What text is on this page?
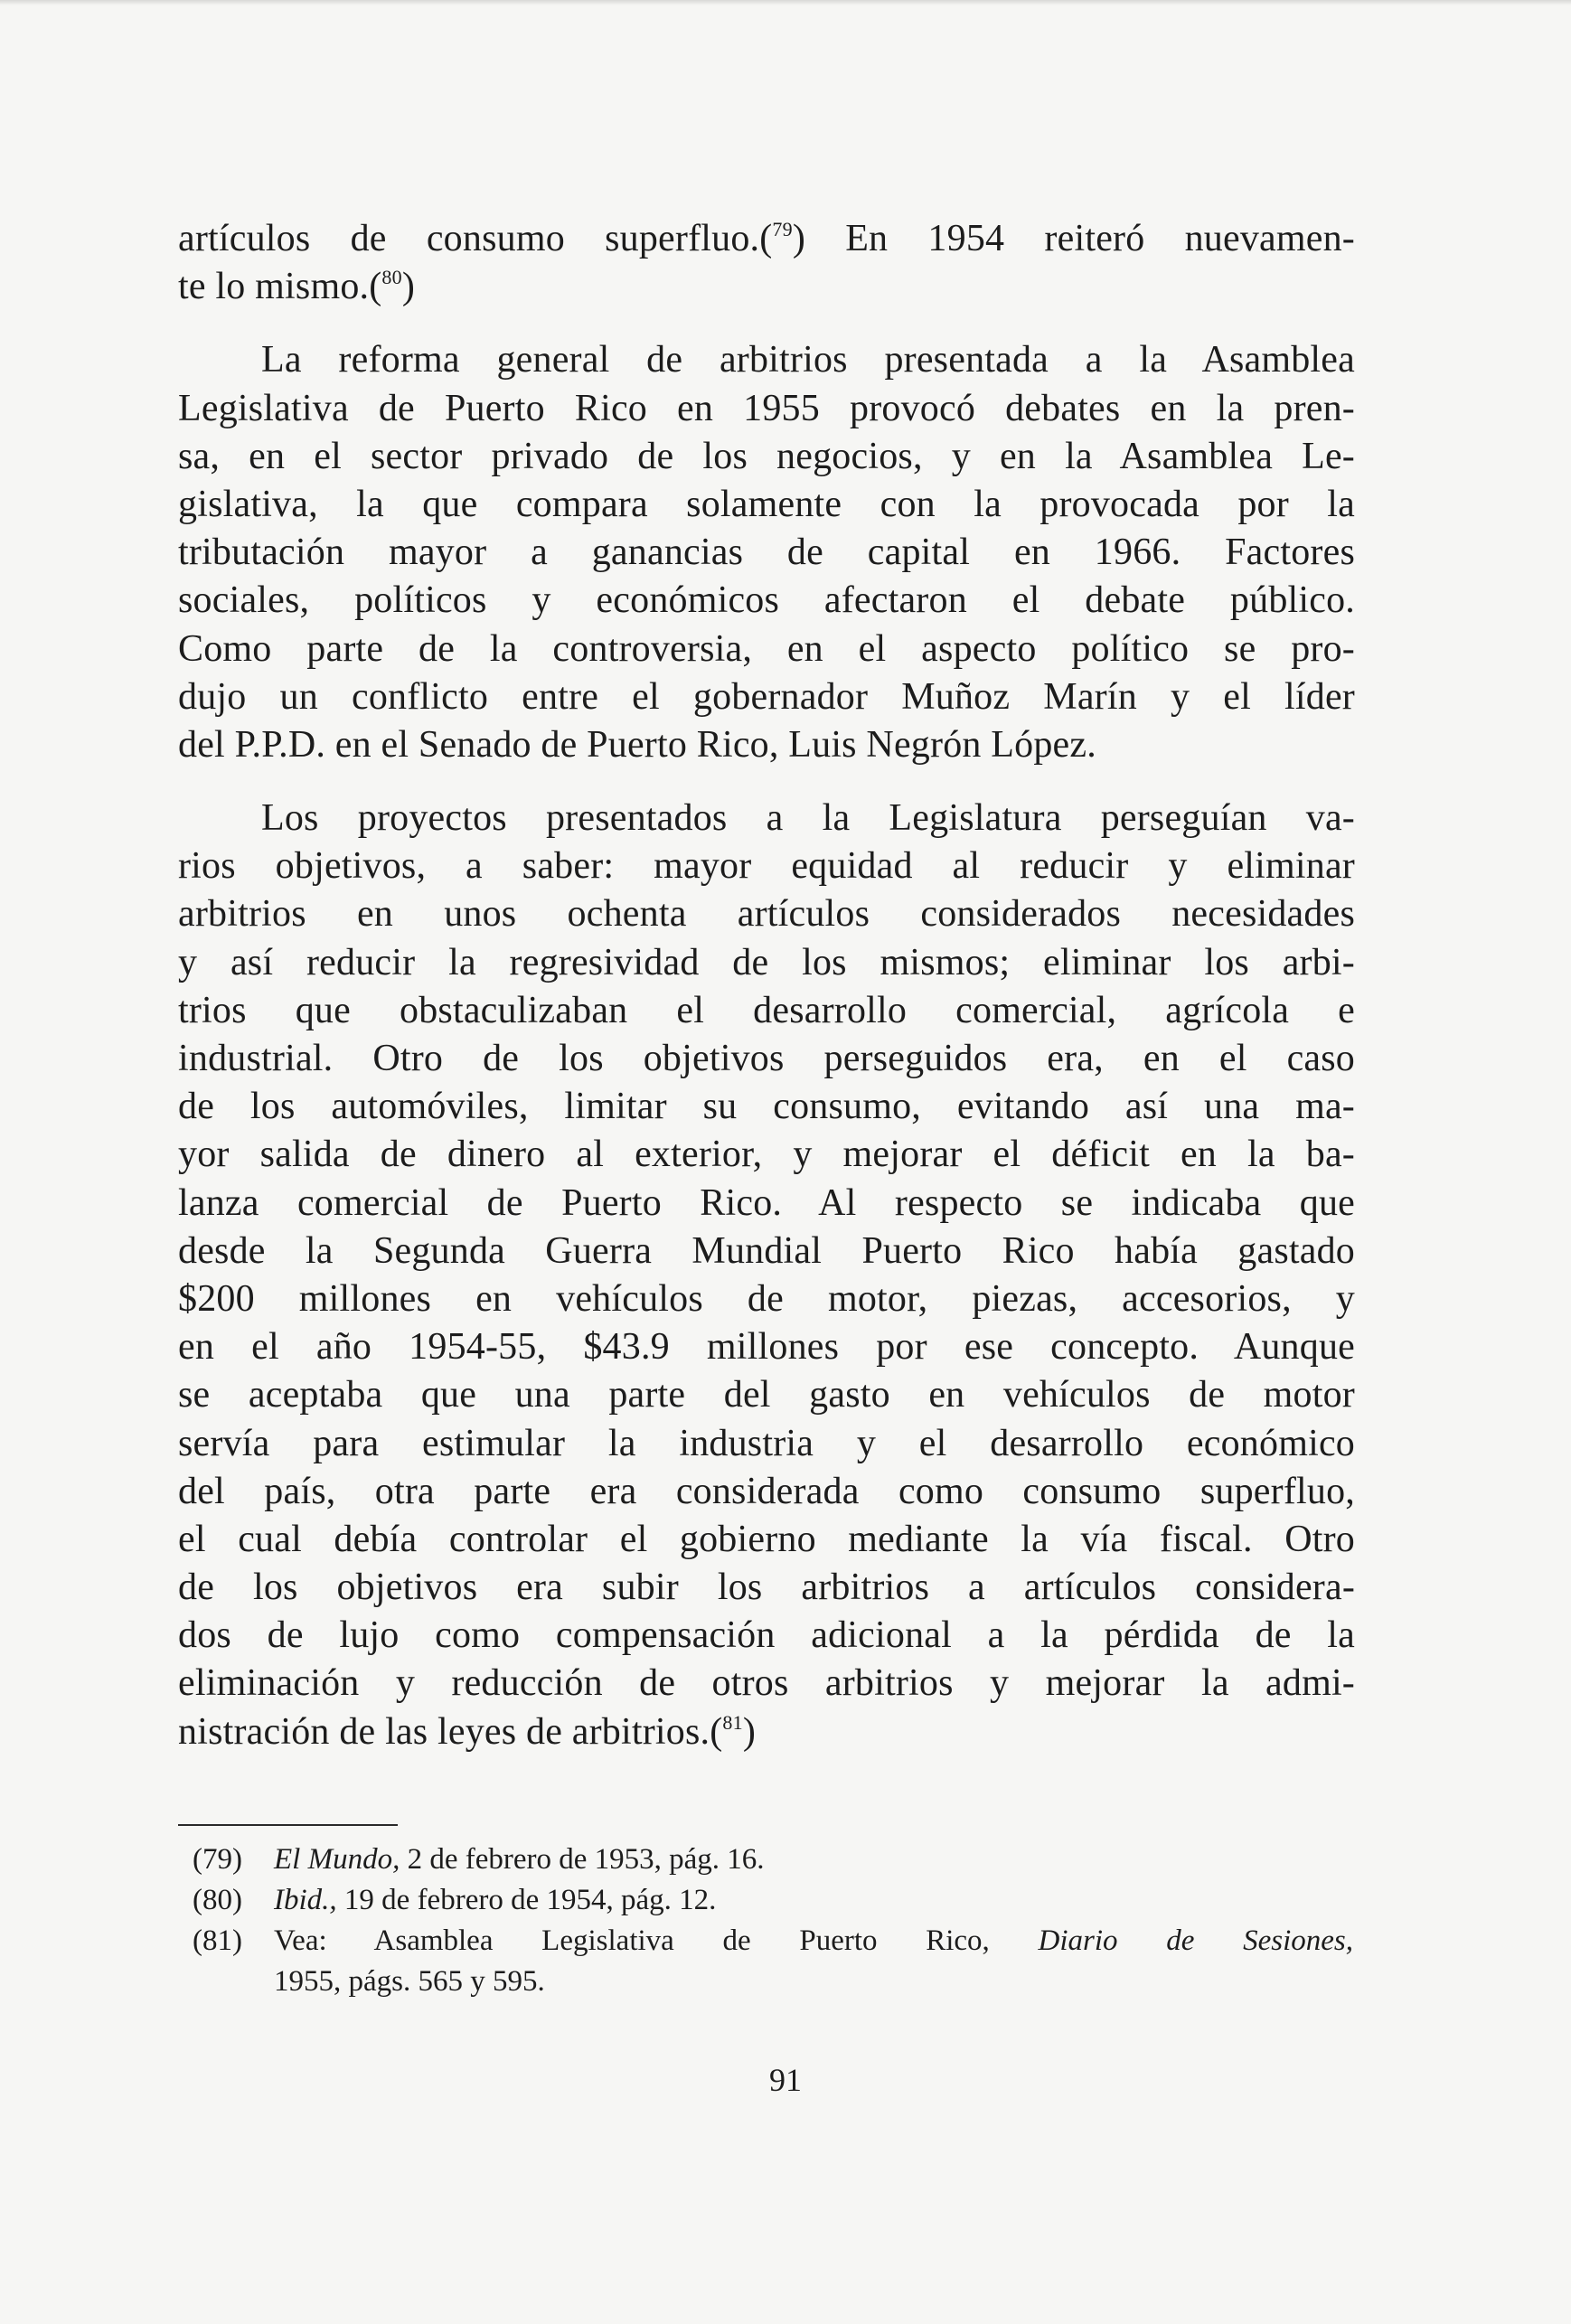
artículos de consumo superfluo.($^{79}$) En 1954 reiteró nuevamen-
te lo mismo.($^{80}$)

La reforma general de arbitrios presentada a la Asamblea
Legislativa de Puerto Rico en 1955 provocó debates en la pren-
sa, en el sector privado de los negocios, y en la Asamblea Le-
gislativa, la que compara solamente con la provocada por la
tributación mayor a ganancias de capital en 1966. Factores
sociales, políticos y económicos afectaron el debate público.
Como parte de la controversia, en el aspecto político se pro-
dujo un conflicto entre el gobernador Muñoz Marín y el líder
del P.P.D. en el Senado de Puerto Rico, Luis Negrón López.

Los proyectos presentados a la Legislatura perseguían va-
rios objetivos, a saber: mayor equidad al reducir y eliminar
arbitrios en unos ochenta artículos considerados necesidades
y así reducir la regresividad de los mismos; eliminar los arbi-
trios que obstaculizaban el desarrollo comercial, agrícola e
industrial. Otro de los objetivos perseguidos era, en el caso
de los automóviles, limitar su consumo, evitando así una ma-
yor salida de dinero al exterior, y mejorar el déficit en la ba-
lanza comercial de Puerto Rico. Al respecto se indicaba que
desde la Segunda Guerra Mundial Puerto Rico había gastado
$200 millones en vehículos de motor, piezas, accesorios, y
en el año 1954-55, $43.9 millones por ese concepto. Aunque
se aceptaba que una parte del gasto en vehículos de motor
servía para estimular la industria y el desarrollo económico
del país, otra parte era considerada como consumo superfluo,
el cual debía controlar el gobierno mediante la vía fiscal. Otro
de los objetivos era subir los arbitrios a artículos considera-
dos de lujo como compensación adicional a la pérdida de la
eliminación y reducción de otros arbitrios y mejorar la admi-
nistración de las leyes de arbitrios.($^{81}$)

(79)	El Mundo, 2 de febrero de 1953, pág. 16.
(80)	Ibid., 19 de febrero de 1954, pág. 12.
(81)	Vea: Asamblea Legislativa de Puerto Rico, Diario de Sesiones,
1955, págs. 565 y 595.
91
